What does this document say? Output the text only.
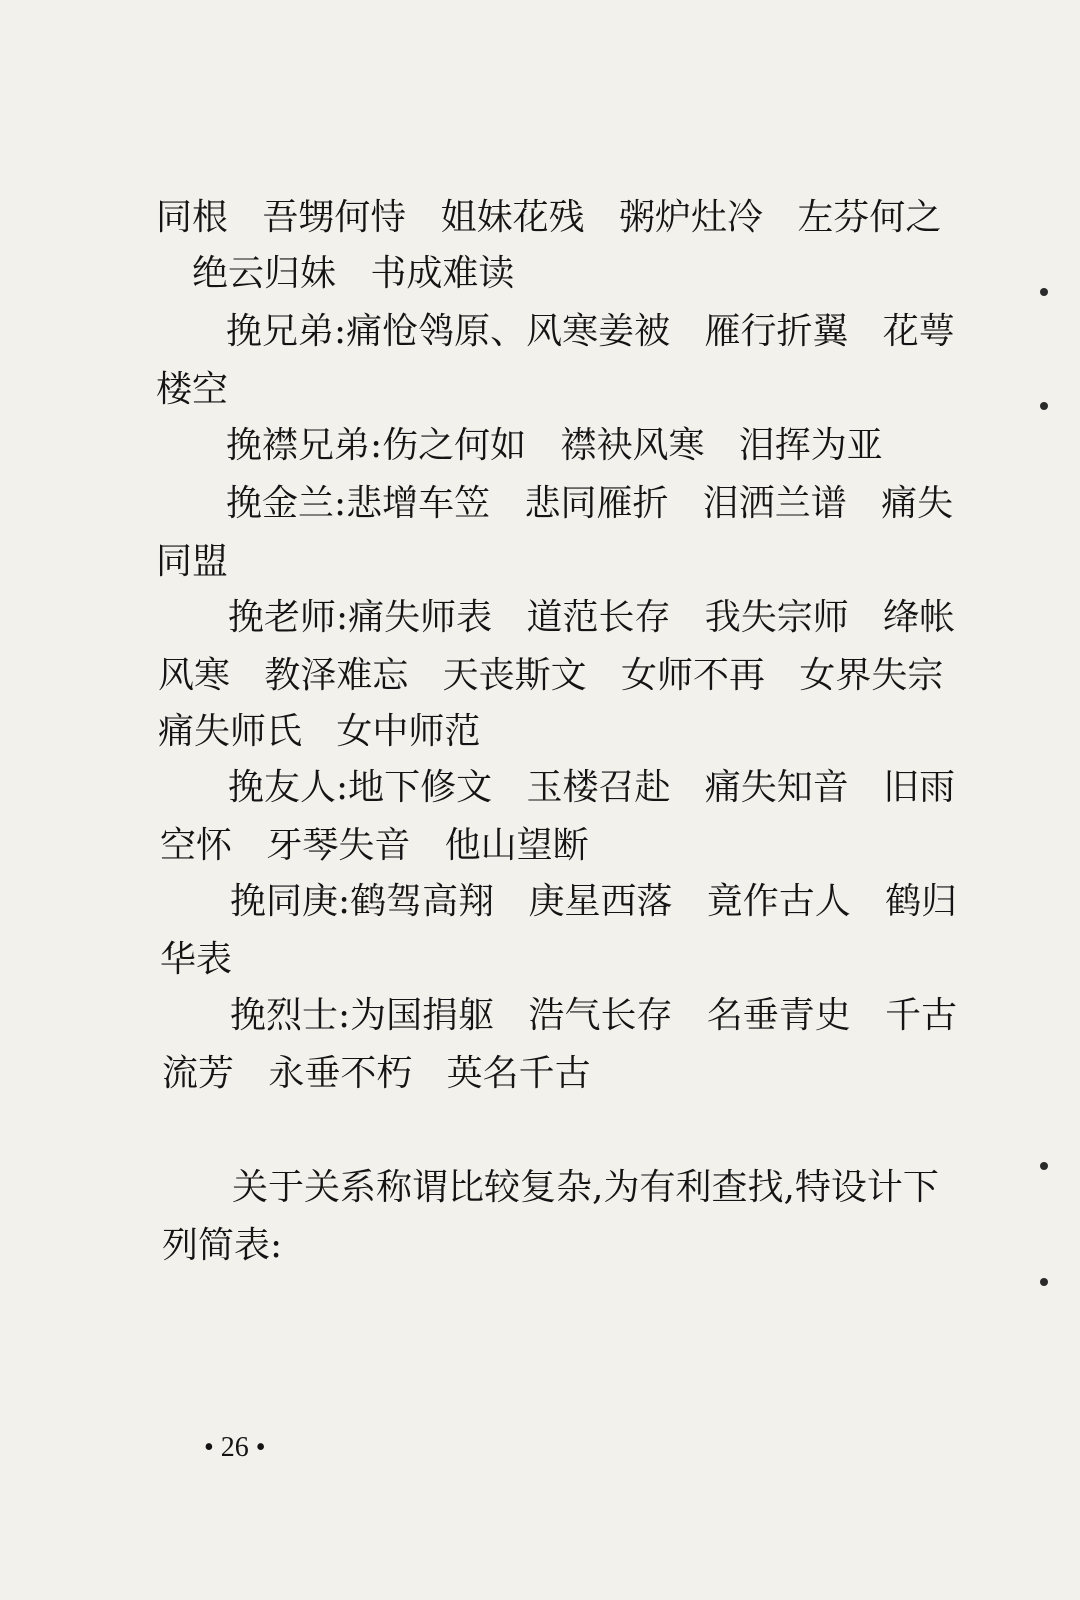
同根   吾甥何恃   姐妹花残   粥炉灶冷   左芬何之
绝云归妹   书成难读
挽兄弟:痛怆鸰原、风寒姜被   雁行折翼   花萼
楼空
挽襟兄弟:伤之何如   襟袂风寒   泪挥为亚
挽金兰:悲增车笠   悲同雁折   泪洒兰谱   痛失
同盟
挽老师:痛失师表   道范长存   我失宗师   绛帐
风寒   教泽难忘   天丧斯文   女师不再   女界失宗
痛失师氏   女中师范
挽友人:地下修文   玉楼召赴   痛失知音   旧雨
空怀   牙琴失音   他山望断
挽同庚:鹤驾高翔   庚星西落   竟作古人   鹤归
华表
挽烈士:为国捐躯   浩气长存   名垂青史   千古
流芳   永垂不朽   英名千古
关于关系称谓比较复杂,为有利查找,特设计下
列简表:
• 26 •
